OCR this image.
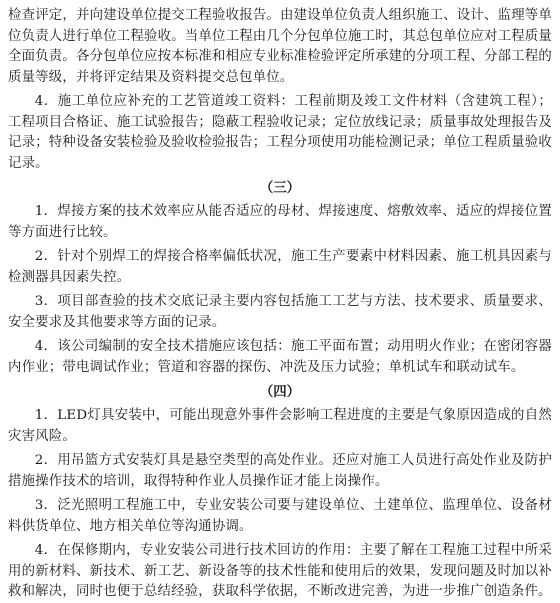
检查评定，并向建设单位提交工程验收报告。由建设单位负责人组织施工、设计、监理等单位负责人进行单位工程验收。当单位工程由几个分包单位施工时，其总包单位应对工程质量全面负责。各分包单位应按本标准和相应专业标准检验评定所承建的分项工程、分部工程的质量等级，并将评定结果及资料提交总包单位。

4．施工单位应补充的工艺管道竣工资料：工程前期及竣工文件材料（含建筑工程）；工程项目合格证、施工试验报告；隐蔽工程验收记录；定位放线记录；质量事故处理报告及记录；特种设备安装检验及验收检验报告；工程分项使用功能检测记录；单位工程质量验收记录。

（三）

1．焊接方案的技术效率应从能否适应的母材、焊接速度、熔敷效率、适应的焊接位置等方面进行比较。

2．针对个别焊工的焊接合格率偏低状况，施工生产要素中材料因素、施工机具因素与检测器具因素失控。

3．项目部查验的技术交底记录主要内容包括施工工艺与方法、技术要求、质量要求、安全要求及其他要求等方面的记录。

4．该公司编制的安全技术措施应该包括：施工平面布置；动用明火作业；在密闭容器内作业；带电调试作业；管道和容器的探伤、冲洗及压力试验；单机试车和联动试车。

（四）

1．LED灯具安装中，可能出现意外事件会影响工程进度的主要是气象原因造成的自然灾害风险。

2．用吊篮方式安装灯具是悬空类型的高处作业。还应对施工人员进行高处作业及防护措施操作技术的培训，取得特种作业人员操作证才能上岗操作。

3．泛光照明工程施工中，专业安装公司要与建设单位、土建单位、监理单位、设备材料供货单位、地方相关单位等沟通协调。

4．在保修期内，专业安装公司进行技术回访的作用：主要了解在工程施工过程中所采用的新材料、新技术、新工艺、新设备等的技术性能和使用后的效果，发现问题及时加以补救和解决，同时也便于总结经验，获取科学依据，不断改进完善，为进一步推广创造条件。
